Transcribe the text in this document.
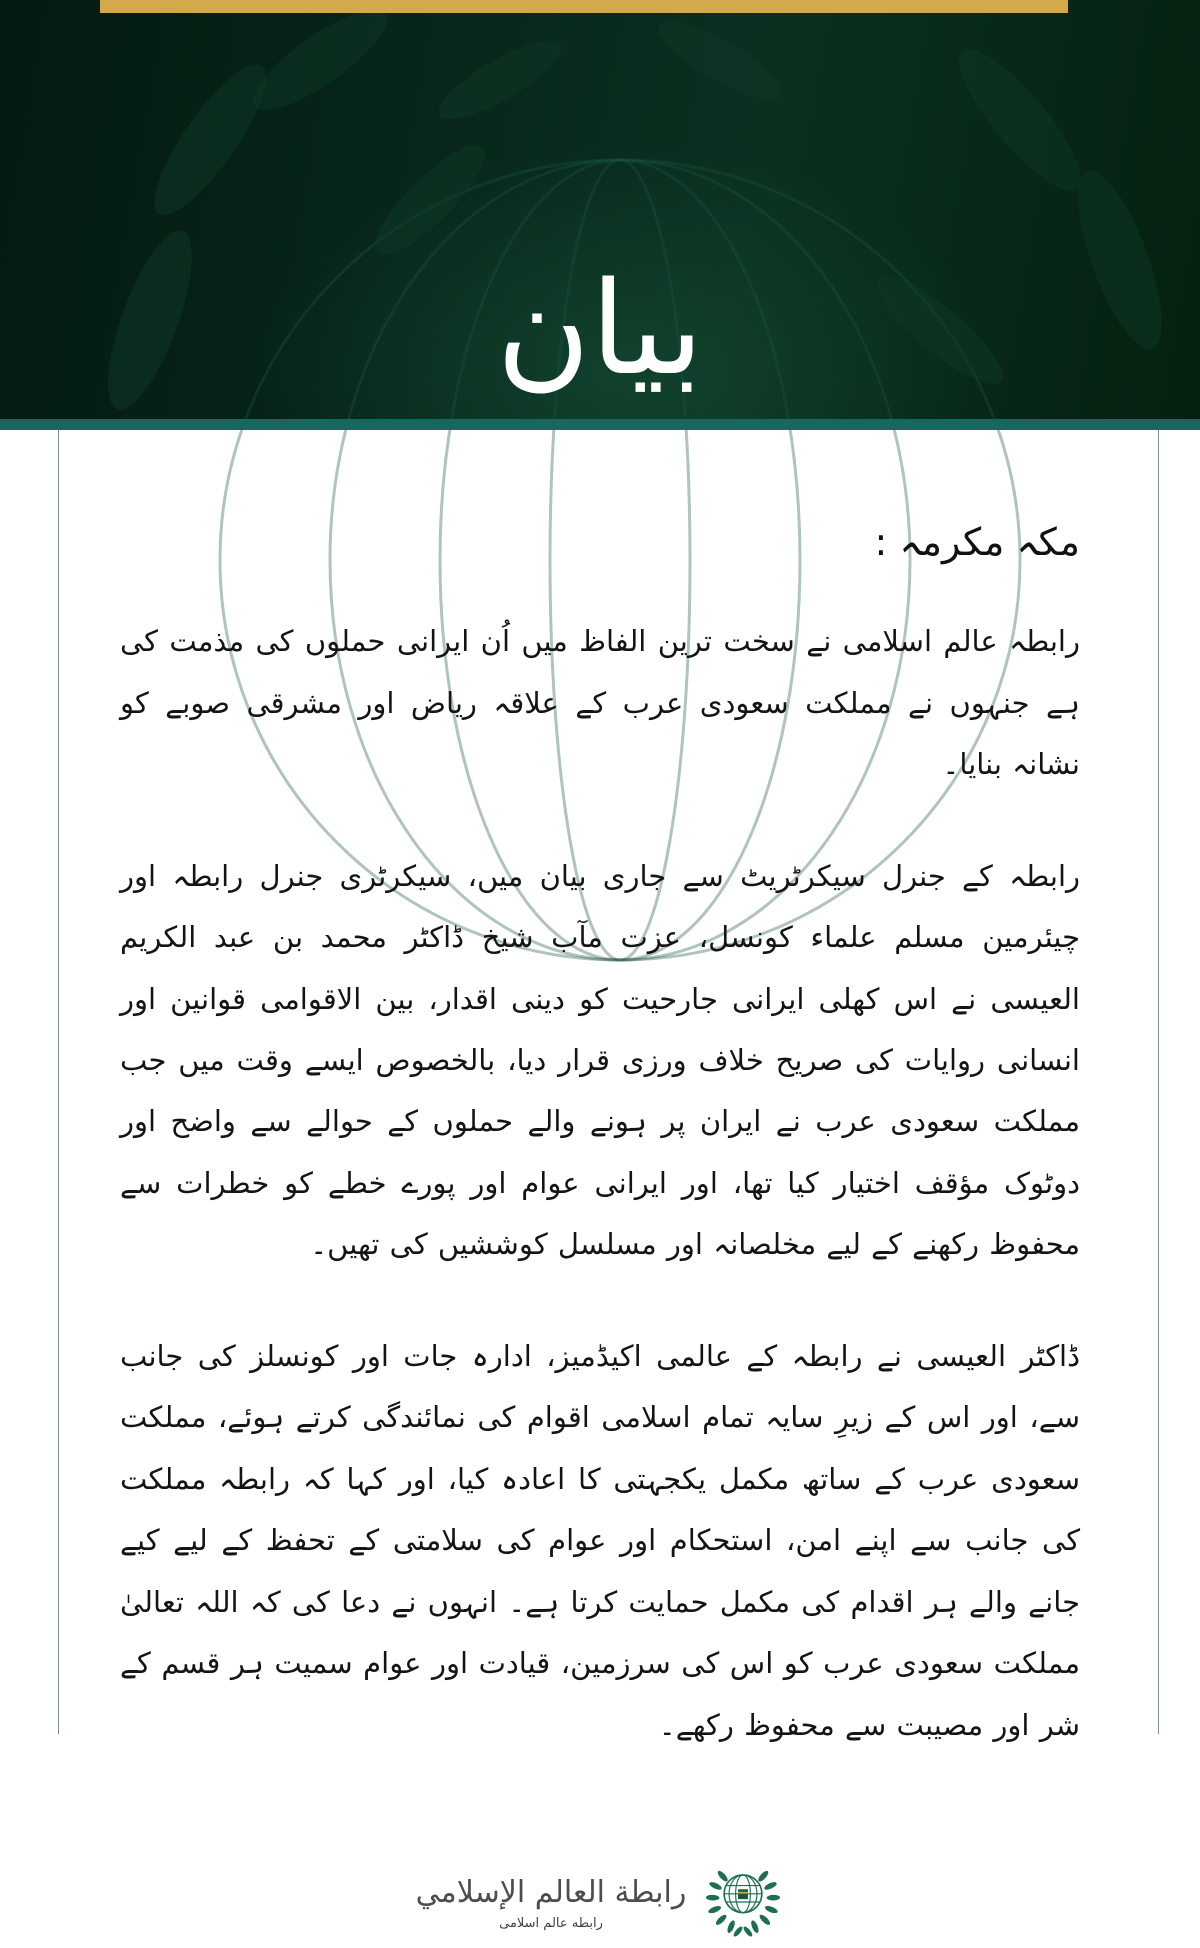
بیان
مکہ مکرمہ :

رابطہ عالم اسلامی نے سخت ترین الفاظ میں اُن ایرانی حملوں کی مذمت کی ہے جنہوں نے مملکت سعودی عرب کے علاقہ ریاض اور مشرقی صوبے کو نشانہ بنایا۔

رابطہ کے جنرل سیکرٹریٹ سے جاری بیان میں، سیکرٹری جنرل رابطہ اور چیئرمین مسلم علماء کونسل، عزت مآب شیخ ڈاکٹر محمد بن عبد الکریم العیسی نے اس کھلی ایرانی جارحیت کو دینی اقدار، بین الاقوامی قوانین اور انسانی روایات کی صریح خلاف ورزی قرار دیا، بالخصوص ایسے وقت میں جب مملکت سعودی عرب نے ایران پر ہونے والے حملوں کے حوالے سے واضح اور دوٹوک مؤقف اختیار کیا تھا، اور ایرانی عوام اور پورے خطے کو خطرات سے محفوظ رکھنے کے لیے مخلصانہ اور مسلسل کوششیں کی تھیں۔

ڈاکٹر العیسی نے رابطہ کے عالمی اکیڈمیز، ادارہ جات اور کونسلز کی جانب سے، اور اس کے زیرِ سایہ تمام اسلامی اقوام کی نمائندگی کرتے ہوئے، مملکت سعودی عرب کے ساتھ مکمل یکجہتی کا اعادہ کیا، اور کہا کہ رابطہ مملکت کی جانب سے اپنے امن، استحکام اور عوام کی سلامتی کے تحفظ کے لیے کیے جانے والے ہر اقدام کی مکمل حمایت کرتا ہے۔ انہوں نے دعا کی کہ اللہ تعالیٰ مملکت سعودی عرب کو اس کی سرزمین، قیادت اور عوام سمیت ہر قسم کے شر اور مصیبت سے محفوظ رکھے۔

رابطة العالم الإسلامي
رابطه عالم اسلامی
